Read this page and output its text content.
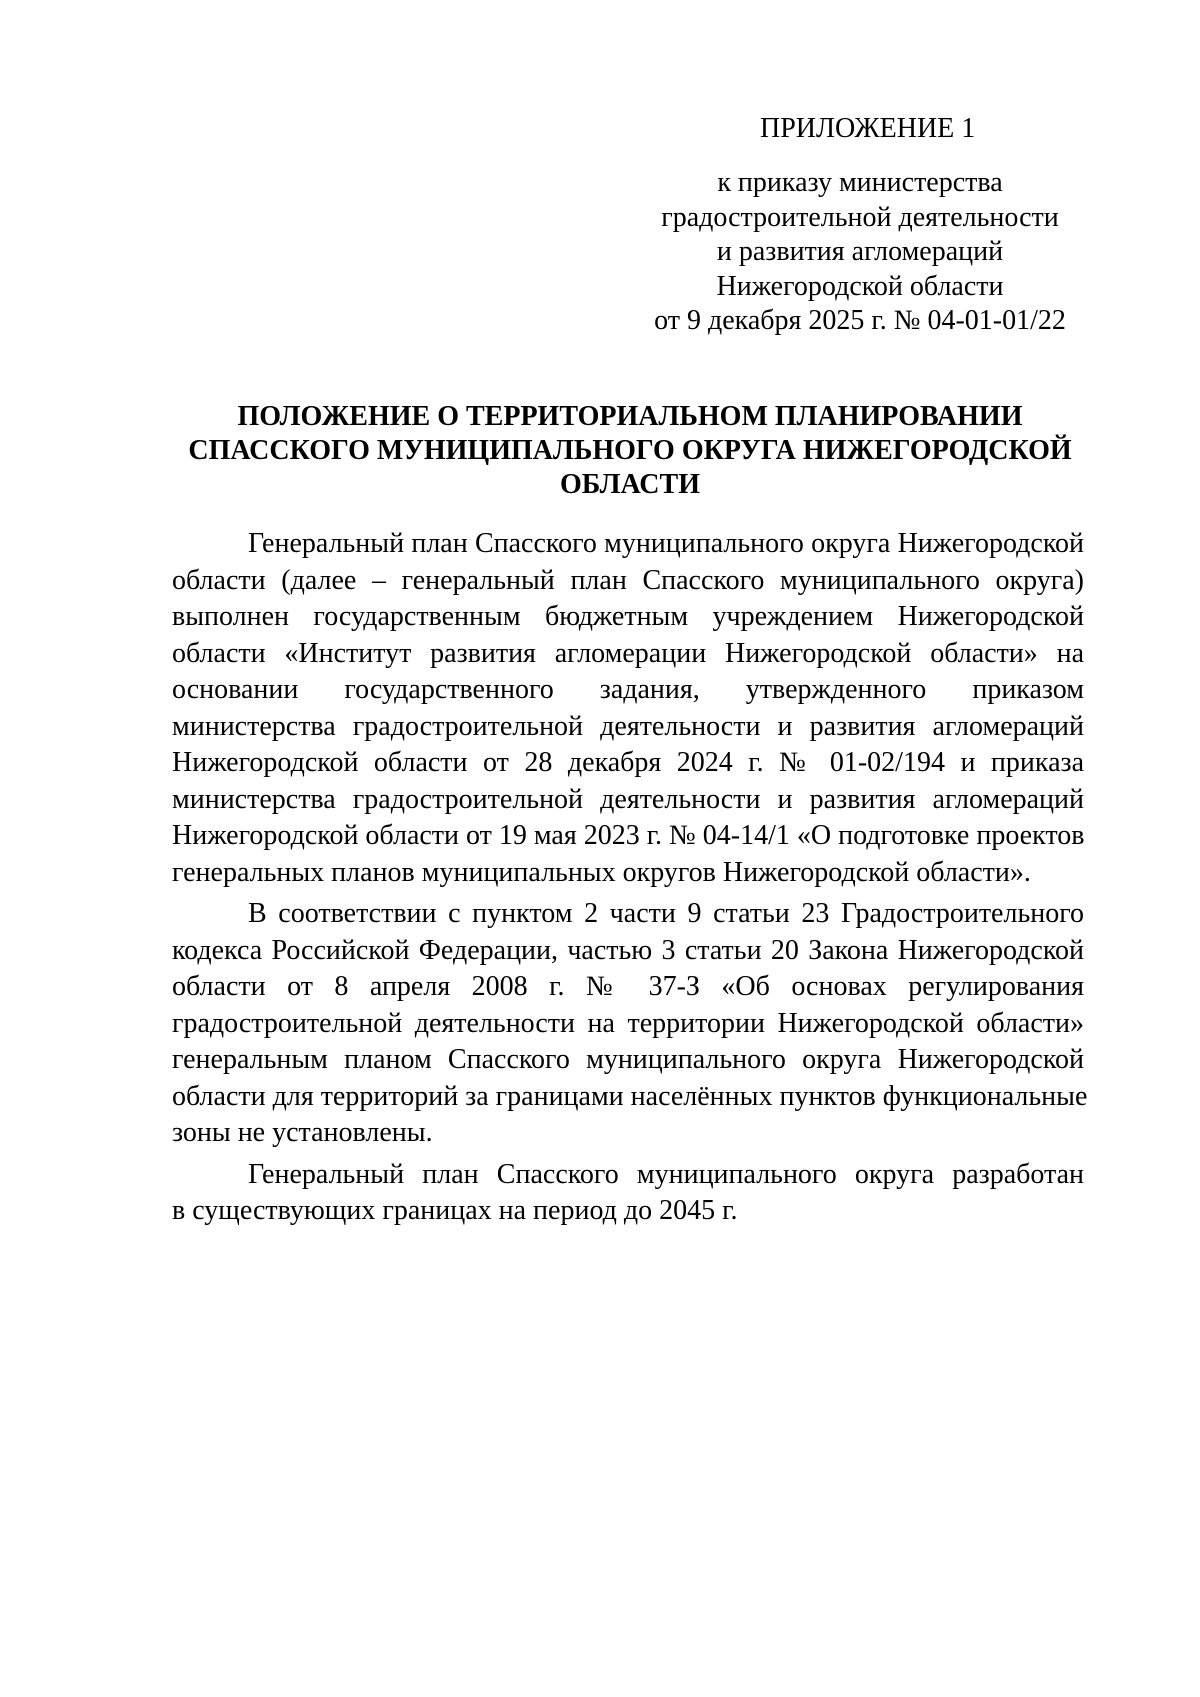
ПРИЛОЖЕНИЕ 1
к приказу министерства
градостроительной деятельности
и развития агломераций
Нижегородской области
от 9 декабря 2025 г. № 04-01-01/22
ПОЛОЖЕНИЕ О ТЕРРИТОРИАЛЬНОМ ПЛАНИРОВАНИИ
СПАССКОГО МУНИЦИПАЛЬНОГО ОКРУГА НИЖЕГОРОДСКОЙ
ОБЛАСТИ
Генеральный план Спасского муниципального округа Нижегородской
области (далее – генеральный план Спасского муниципального округа)
выполнен государственным бюджетным учреждением Нижегородской
области «Институт развития агломерации Нижегородской области» на
основании государственного задания, утвержденного приказом
министерства градостроительной деятельности и развития агломераций
Нижегородской области от 28 декабря 2024 г. № 01-02/194 и приказа
министерства градостроительной деятельности и развития агломераций
Нижегородской области от 19 мая 2023 г. № 04-14/1 «О подготовке проектов
генеральных планов муниципальных округов Нижегородской области».
В соответствии с пунктом 2 части 9 статьи 23 Градостроительного
кодекса Российской Федерации, частью 3 статьи 20 Закона Нижегородской
области от 8 апреля 2008 г. № 37-З «Об основах регулирования
градостроительной деятельности на территории Нижегородской области»
генеральным планом Спасского муниципального округа Нижегородской
области для территорий за границами населённых пунктов функциональные
зоны не установлены.
Генеральный план Спасского муниципального округа разработан
в существующих границах на период до 2045 г.
